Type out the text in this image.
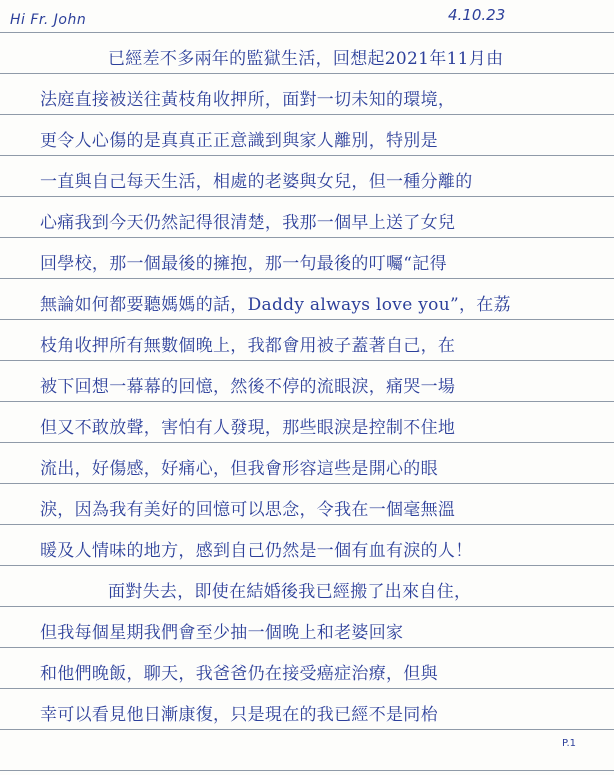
Hi Fr. John	4.10.23
已經差不多兩年的監獄生活，回想起2021年11月由
法庭直接被送往黃枝角收押所，面對一切未知的環境，
更令人心傷的是真真正正意識到與家人離別，特別是
一直與自己每天生活，相處的老婆與女兒，但一種分離的
心痛我到今天仍然記得很清楚，我那一個早上送了女兒
回學校，那一個最後的擁抱，那一句最後的叮囑“記得
無論如何都要聽媽媽的話，Daddy always love you”，在荔
枝角收押所有無數個晚上，我都會用被子蓋著自己，在
被下回想一幕幕的回憶，然後不停的流眼淚，痛哭一場
但又不敢放聲，害怕有人發現，那些眼淚是控制不住地
流出，好傷感，好痛心，但我會形容這些是開心的眼
淚，因為我有美好的回憶可以思念，令我在一個毫無溫
暖及人情味的地方，感到自己仍然是一個有血有淚的人！
面對失去，即使在結婚後我已經搬了出來自住，
但我每個星期我們會至少抽一個晚上和老婆回家
和他們晚飯，聊天，我爸爸仍在接受癌症治療，但與
幸可以看見他日漸康復，只是現在的我已經不是同枱
P.1
